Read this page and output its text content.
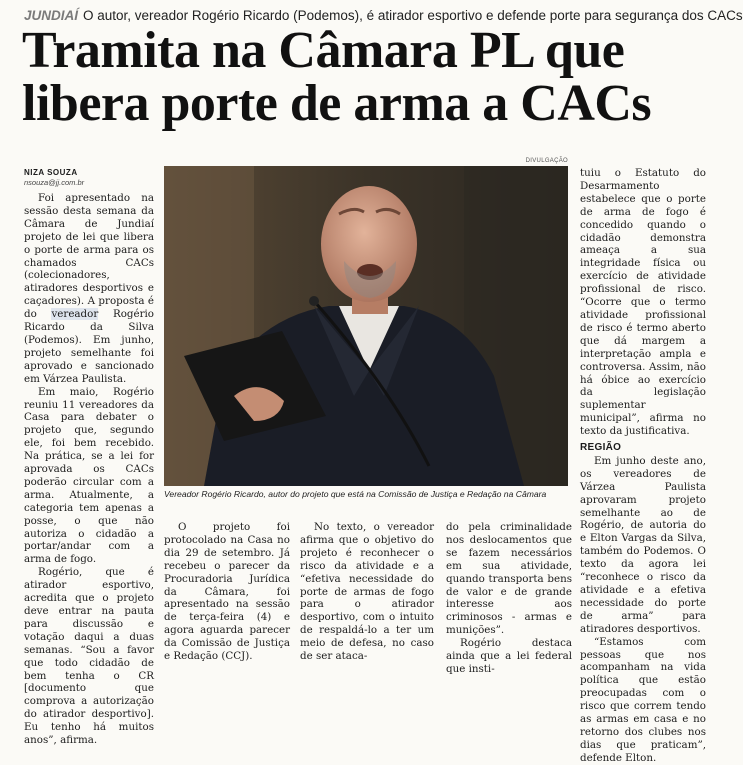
JUNDIAÍ O autor, vereador Rogério Ricardo (Podemos), é atirador esportivo e defende porte para segurança dos CACs
Tramita na Câmara PL que
libera porte de arma a CACs
NIZA SOUZA
nsouza@jj.com.br

Foi apresentado na sessão desta semana da Câmara de Jundiaí projeto de lei que libera o porte de arma para os chamados CACs (colecionadores, atiradores desportivos e caçadores). A proposta é do vereador Rogério Ricardo da Silva (Podemos). Em junho, projeto semelhante foi aprovado e sancionado em Várzea Paulista.

Em maio, Rogério reuniu 11 vereadores da Casa para debater o projeto que, segundo ele, foi bem recebido. Na prática, se a lei for aprovada os CACs poderão circular com a arma. Atualmente, a categoria tem apenas a posse, o que não autoriza o cidadão a portar/andar com a arma de fogo.

Rogério, que é atirador esportivo, acredita que o projeto deve entrar na pauta para discussão e votação daqui a duas semanas. “Sou a favor que todo cidadão de bem tenha o CR [documento que comprova a autorização do atirador desportivo]. Eu tenho há muitos anos”, afirma.

DIVULGAÇÃO
Vereador Rogério Ricardo, autor do projeto que está na Comissão de Justiça e Redação na Câmara

O projeto foi protocolado na Casa no dia 29 de setembro. Já recebeu o parecer da Procuradoria Jurídica da Câmara, foi apresentado na sessão de terça-feira (4) e agora aguarda parecer da Comissão de Justiça e Redação (CCJ).

No texto, o vereador afirma que o objetivo do projeto é reconhecer o risco da atividade e a “efetiva necessidade do porte de armas de fogo para o atirador desportivo, com o intuito de respaldá-lo a ter um meio de defesa, no caso de ser ataca-

do pela criminalidade nos deslocamentos que se fazem necessários em sua atividade, quando transporta bens de valor e de grande interesse aos criminosos - armas e munições”.

Rogério destaca ainda que a lei federal que insti-

tuiu o Estatuto do Desarmamento estabelece que o porte de arma de fogo é concedido quando o cidadão demonstra ameaça a sua integridade física ou exercício de atividade profissional de risco. “Ocorre que o termo atividade profissional de risco é termo aberto que dá margem a interpretação ampla e controversa. Assim, não há óbice ao exercício da legislação suplementar municipal”, afirma no texto da justificativa.

REGIÃO

Em junho deste ano, os vereadores de Várzea Paulista aprovaram projeto semelhante ao de Rogério, de autoria do e Elton Vargas da Silva, também do Podemos. O texto da agora lei “reconhece o risco da atividade e a efetiva necessidade do porte de arma” para atiradores desportivos.

“Estamos com pessoas que nos acompanham na vida política que estão preocupadas com o risco que correm tendo as armas em casa e no retorno dos clubes nos dias que praticam”, defende Elton.
